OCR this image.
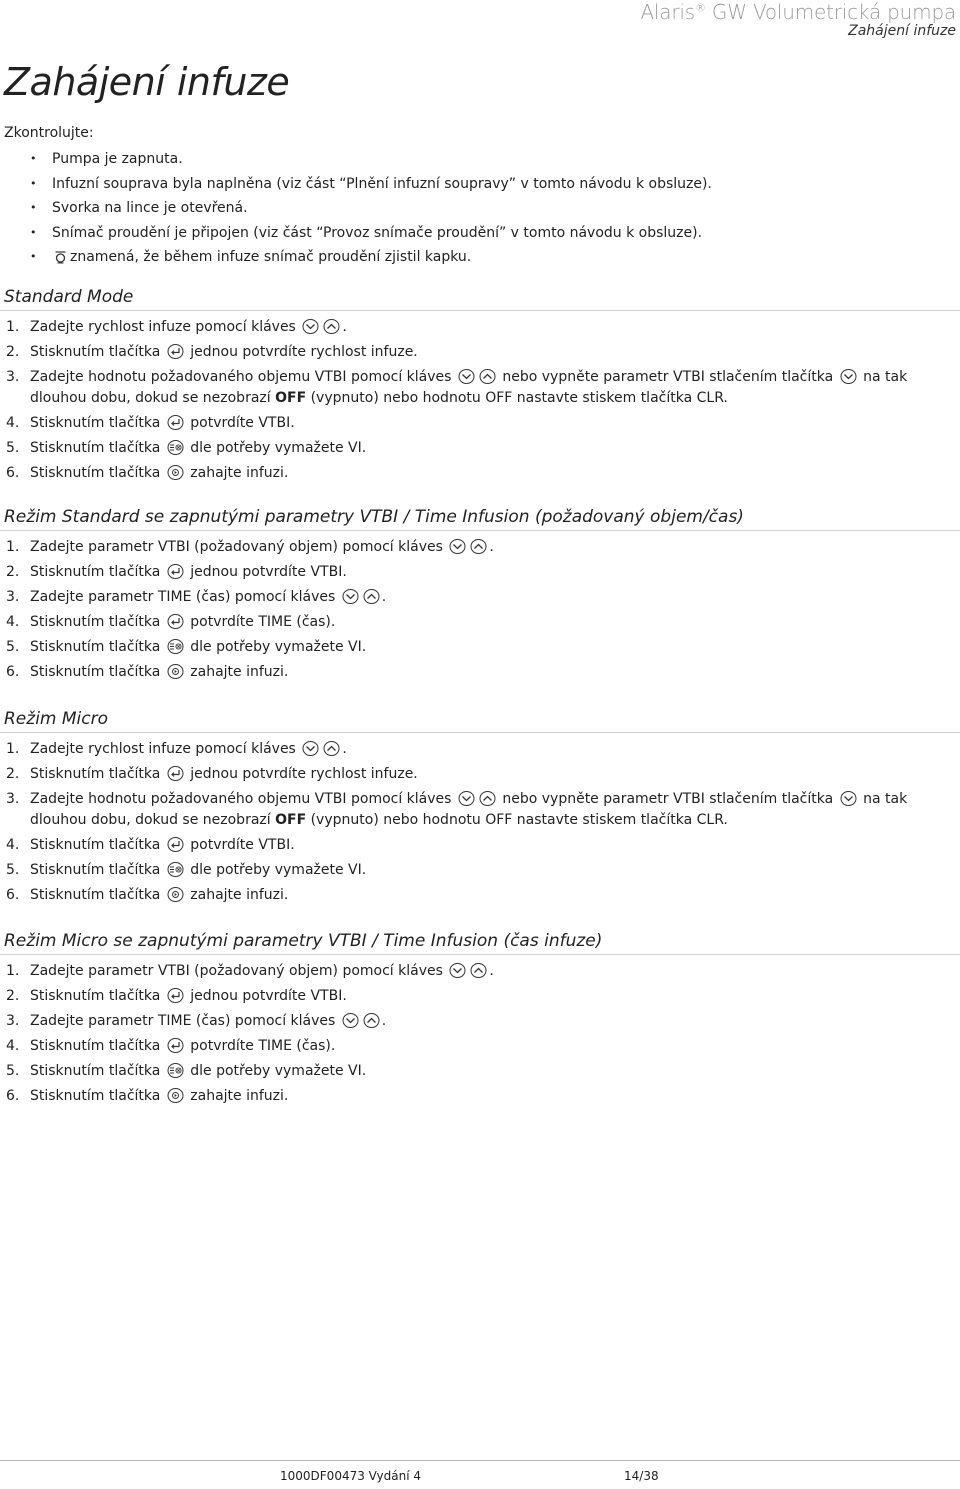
Alaris® GW Volumetrická pumpa
Zahájení infuze
Zahájení infuze
Zkontrolujte:
• Pumpa je zapnuta.
• Infuzní souprava byla naplněna (viz část “Plnění infuzní soupravy” v tomto návodu k obsluze).
• Svorka na lince je otevřená.
• Snímač proudění je připojen (viz část “Provoz snímače proudění” v tomto návodu k obsluze).
• znamená, že během infuze snímač proudění zjistil kapku.
Standard Mode
1. Zadejte rychlost infuze pomocí kláves	.
2. Stisknutím tlačítka jednou potvrdíte rychlost infuze.
3. Zadejte hodnotu požadovaného objemu VTBI pomocí kláves	nebo vypněte parametr VTBI stlačením tlačítka na tak dlouhou dobu, dokud se nezobrazí OFF (vypnuto) nebo hodnotu OFF nastavte stiskem tlačítka CLR.
4. Stisknutím tlačítka potvrdíte VTBI.
5. Stisknutím tlačítka dle potřeby vymažete VI.
6. Stisknutím tlačítka zahajte infuzi.
Režim Standard se zapnutými parametry VTBI / Time Infusion (požadovaný objem/čas)
1. Zadejte parametr VTBI (požadovaný objem) pomocí kláves	.
2. Stisknutím tlačítka jednou potvrdíte VTBI.
3. Zadejte parametr TIME (čas) pomocí kláves	.
4. Stisknutím tlačítka potvrdíte TIME (čas).
5. Stisknutím tlačítka dle potřeby vymažete VI.
6. Stisknutím tlačítka zahajte infuzi.
Režim Micro
1. Zadejte rychlost infuze pomocí kláves	.
2. Stisknutím tlačítka jednou potvrdíte rychlost infuze.
3. Zadejte hodnotu požadovaného objemu VTBI pomocí kláves	nebo vypněte parametr VTBI stlačením tlačítka na tak dlouhou dobu, dokud se nezobrazí OFF (vypnuto) nebo hodnotu OFF nastavte stiskem tlačítka CLR.
4. Stisknutím tlačítka potvrdíte VTBI.
5. Stisknutím tlačítka dle potřeby vymažete VI.
6. Stisknutím tlačítka zahajte infuzi.
Režim Micro se zapnutými parametry VTBI / Time Infusion (čas infuze)
1. Zadejte parametr VTBI (požadovaný objem) pomocí kláves	.
2. Stisknutím tlačítka jednou potvrdíte VTBI.
3. Zadejte parametr TIME (čas) pomocí kláves	.
4. Stisknutím tlačítka potvrdíte TIME (čas).
5. Stisknutím tlačítka dle potřeby vymažete VI.
6. Stisknutím tlačítka zahajte infuzi.
1000DF00473 Vydání 4	14/38
